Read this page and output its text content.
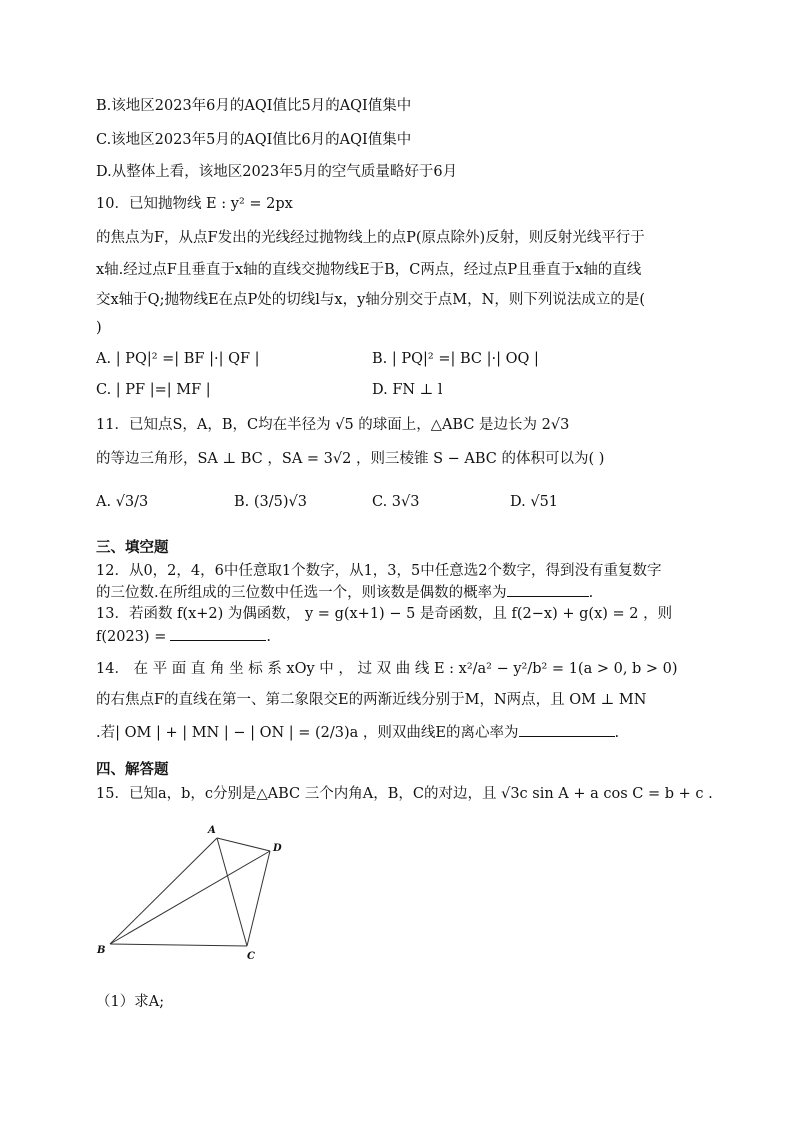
B.该地区2023年6月的AQI值比5月的AQI值集中
C.该地区2023年5月的AQI值比6月的AQI值集中
D.从整体上看，该地区2023年5月的空气质量略好于6月
10．已知抛物线 E : y² = 2px
的焦点为F，从点F发出的光线经过抛物线上的点P(原点除外)反射，则反射光线平行于
x轴.经过点F且垂直于x轴的直线交抛物线E于B，C两点，经过点P且垂直于x轴的直线
交x轴于Q;抛物线E在点P处的切线l与x，y轴分别交于点M，N，则下列说法成立的是(
)
A. | PQ|² =| BF |·| QF |	B. | PQ|² =| BC |·| OQ |
C. | PF |=| MF |	D. FN ⊥ l
11．已知点S，A，B，C均在半径为 √5 的球面上，△ABC 是边长为 2√3
的等边三角形，SA ⊥ BC ，SA = 3√2 ，则三棱锥 S − ABC 的体积可以为( )
A. √3/3	B. (3/5)√3	C. 3√3	D. √51
三、填空题
12．从0，2，4，6中任意取1个数字，从1，3，5中任意选2个数字，得到没有重复数字
的三位数.在所组成的三位数中任选一个，则该数是偶数的概率为	.
13．若函数 f(x+2) 为偶函数， y = g(x+1) − 5 是奇函数，且 f(2−x) + g(x) = 2 ，则
f(2023) =	.
14． 在 平 面 直 角 坐 标 系 xOy 中 ， 过 双 曲 线 E : x²/a² − y²/b² = 1(a > 0, b > 0)
的右焦点F的直线在第一、第二象限交E的两渐近线分别于M，N两点，且 OM ⊥ MN
.若| OM | + | MN | − | ON | = (2/3)a ，则双曲线E的离心率为	.
四、解答题
15．已知a，b，c分别是△ABC 三个内角A，B，C的对边，且 √3c sin A + a cos C = b + c .
A
B
C
D
（1）求A;
